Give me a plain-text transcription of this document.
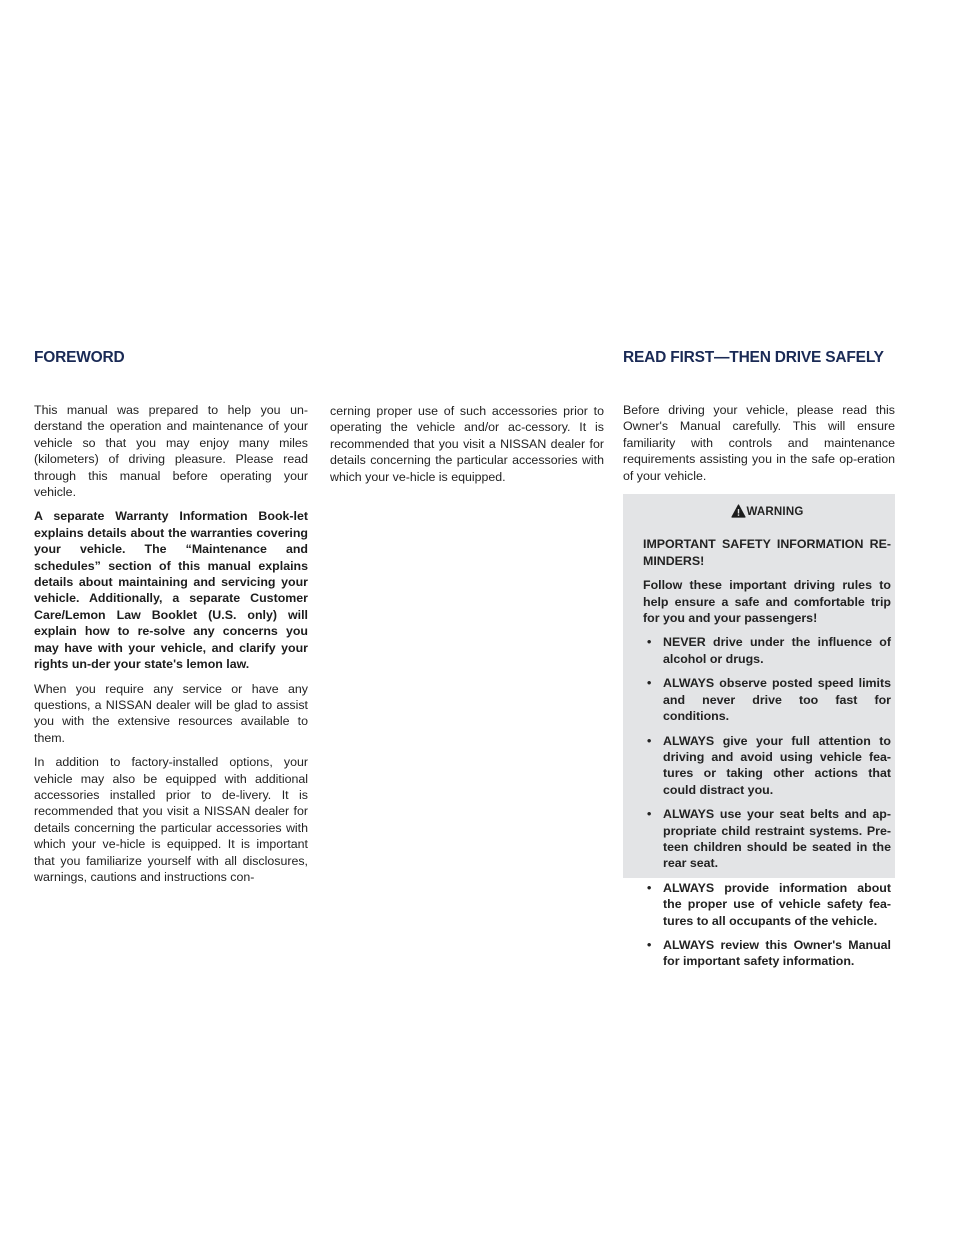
FOREWORD	READ FIRST—THEN DRIVE SAFELY

This manual was prepared to help you un-derstand the operation and maintenance of your vehicle so that you may enjoy many miles (kilometers) of driving pleasure. Please read through this manual before operating your vehicle.

A separate Warranty Information Book-let explains details about the warranties covering your vehicle. The “Maintenance and schedules” section of this manual explains details about maintaining and servicing your vehicle. Additionally, a separate Customer Care/Lemon Law Booklet (U.S. only) will explain how to re-solve any concerns you may have with your vehicle, and clarify your rights un-der your state's lemon law.

When you require any service or have any questions, a NISSAN dealer will be glad to assist you with the extensive resources available to them.

In addition to factory-installed options, your vehicle may also be equipped with additional accessories installed prior to de-livery. It is recommended that you visit a NISSAN dealer for details concerning the particular accessories with which your ve-hicle is equipped. It is important that you familiarize yourself with all disclosures, warnings, cautions and instructions con-

cerning proper use of such accessories prior to operating the vehicle and/or ac-cessory. It is recommended that you visit a NISSAN dealer for details concerning the particular accessories with which your ve-hicle is equipped.

Before driving your vehicle, please read this Owner's Manual carefully. This will ensure familiarity with controls and maintenance requirements assisting you in the safe op-eration of your vehicle.

WARNING

IMPORTANT SAFETY INFORMATION RE-MINDERS!

Follow these important driving rules to help ensure a safe and comfortable trip for you and your passengers!

• NEVER drive under the influence of alcohol or drugs.
• ALWAYS observe posted speed limits and never drive too fast for conditions.
• ALWAYS give your full attention to driving and avoid using vehicle fea-tures or taking other actions that could distract you.
• ALWAYS use your seat belts and ap-propriate child restraint systems. Pre-teen children should be seated in the rear seat.
• ALWAYS provide information about the proper use of vehicle safety fea-tures to all occupants of the vehicle.
• ALWAYS review this Owner's Manual for important safety information.
